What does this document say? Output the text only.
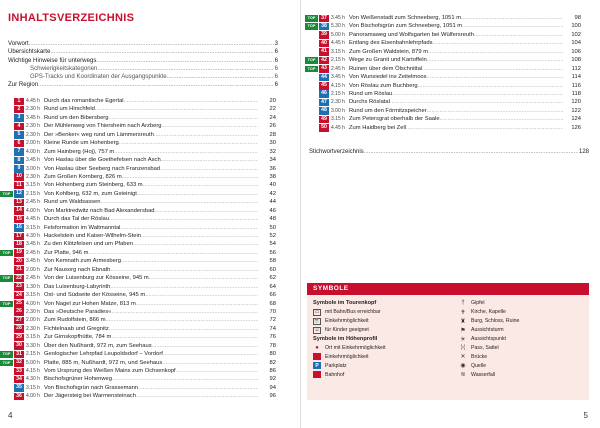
INHALTSVERZEICHNIS
Vorwort .....	3
Übersichtskarte .....	6
Wichtige Hinweise für unterwegs .....	6
Schwierigkeitskategorien .....	6
GPS-Tracks und Koordinaten der Ausgangspunkte .....	6
Zur Region .....	6
1	4.45 h Durch das romantische Egertal .....	20
2	2.30 h Rund um Hirschfeld .....	22
3	3.45 h Rund um den Bibersberg .....	24
4	2.30 h Der Mühlenweg von Thiersheim nach Arzberg .....	26
5	2.30 h Der »Benker« weg rund um Lämmersreuth .....	28
6	2.00 h Kleine Runde um Hohenberg .....	30
7	4.00 h Zum Hainberg (Hoj), 757 m .....	32
8	3.45 h Von Haslau über die Goethefelsen nach Asch .....	34
9	3.00 h Von Haslau über Seeberg nach Franzensbad .....	36
10 2.30 h Zum Großen Kornberg, 826 m .....	38
11 3.15 h Von Hohenberg zum Steinberg, 633 m .....	40
TOP	12 2.15 h Von Kohlberg, 632 m, zum Gsteinigt .....	42
13 2.45 h Rund um Waldsassen .....	44
14 4.00 h Von Marktredwitz nach Bad Alexandersbad .....	46
15 4.45 h Durch das Tal der Röslau .....	48
16 3.15 h Felsformation im Waltmanntal .....	50
17 4.30 h Hackelstein und Kaiser-Wilhelm-Stein .....	52
18 3.45 h Zu den Klötzfelsen und um Pfaben .....	54
TOP	19 2.45 h Zur Platte, 946 m .....	56
20 3.45 h Von Kemnath zum Armesberg .....	58
21 2.00 h Zur Nausorg nach Ebnath .....	60
TOP	22 2.45 h Von der Luisenburg zur Kösseine, 945 m .....	62
23 1.30 h Das Luisenburg-Labyrinth .....	64
24 3.15 h Ost- und Südseite der Kösseine, 945 m .....	66
TOP	25 4.00 h Von Nagel zur Hohen Matze, 813 m .....	68
26 2.30 h Das »Deutsche Paradies« .....	70
27 2.00 h Zum Rudolfstein, 866 m .....	72
28 2.30 h Fichtelnaab und Gregnitz .....	74
29 3.15 h Zur Girnskopfhütte, 784 m .....	76
30 3.30 h Über den Nußhardt, 972 m, zum Seehaus .....	78
TOP	31 2.15 h Geologischer Lehrpfad Leupoldsdorf – Vordorf .....	80
TOP	32 5.00 h Platte, 885 m, Nußhardt, 972 m, und Seehaus .....	82
33 4.15 h Vom Ursprung des Weißen Mains zum Ochsenkopf .....	86
34 4.30 h Bischofsgrüner Hohenweg .....	92
35 3.15 h Von Bischofsgrün nach Grassemann .....	94
36 4.00 h Der Jägersteig bei Warmensteinach .....	96
4
TOP	37 3.45 h Von Weißenstadt zum Schneeberg, 1051 m .....	98
TOP	38 5.30 h Von Bischofsgrün zum Schneeberg, 1051 m .....	100
39 5.00 h Panoramaweg und Wolfsgarten bei Wülfersreuth .....	102
40 4.45 h Entlang des Eisenbahnlehrpfads .....	104
41 3.15 h Zum Großen Waldstein, 879 m .....	106
TOP	42 2.15 h Wege zu Granit und Kartoffeln .....	108
TOP	43 2.45 h Ruinen über dem Ölschnittal .....	112
44 3.45 h Von Wunsiedel ins Zeitelmoos .....	114
45 4.15 h Von Röslau zum Buchberg .....	116
46 2.15 h Rund um Röslau .....	118
47 2.30 h Durchs Röslatal .....	120
48 3.00 h Rund um den Förmitzspeicher .....	122
49 3.15 h Zum Petersgrat oberhalb der Saale .....	124
50 4.45 h Zum Haidberg bei Zell .....	126
Stichwortverzeichnis .....	128
SYMBOLE
Symbole im Tourenkopf
▭	mit Bahn/Bus erreichbar
☕ Einkehrmöglichkeit
☺ für Kinder geeignet
Symbole im Höhenprofil
●	Ort mit Einkehrmöglichkeit
Einkehrmöglichkeit
P	Parkplatz
Bahnhof
†	Gipfel
✝ Kirche, Kapelle
♜ Burg, Schloss, Ruine
⚑ Aussichtsturm
☀ Aussichtspunkt
⟩⟨	Pass, Sattel
✕ Brücke
◉ Quelle
≋ Wasserfall
5
